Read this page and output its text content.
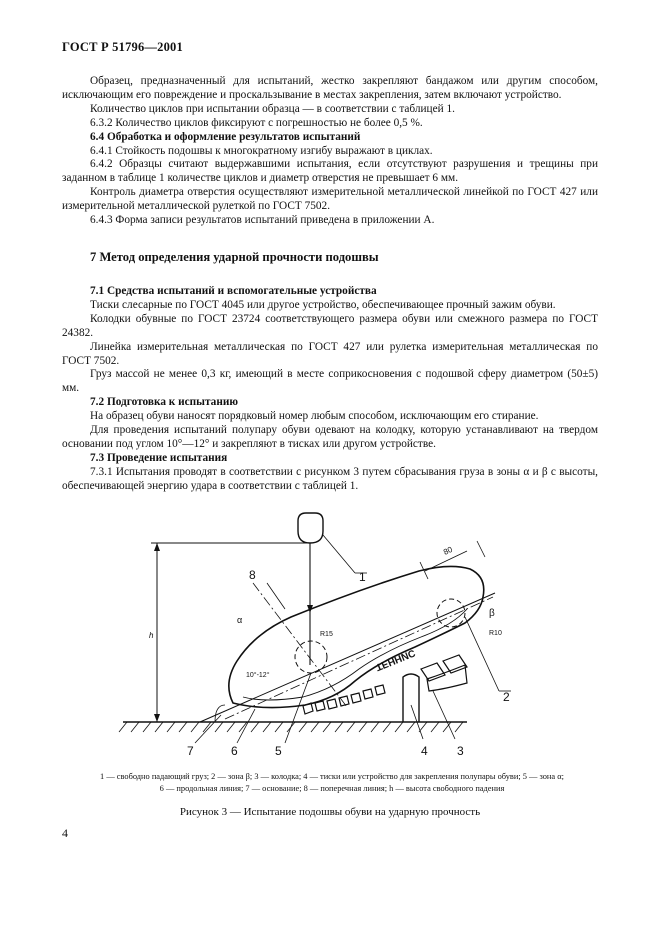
ГОСТ Р 51796—2001

Образец, предназначенный для испытаний, жестко закрепляют бандажом или другим способом, исключающим его повреждение и проскальзывание в местах закрепления, затем включают устройство.

Количество циклов при испытании образца — в соответствии с таблицей 1.

6.3.2 Количество циклов фиксируют с погрешностью не более 0,5 %.

6.4 Обработка и оформление результатов испытаний

6.4.1 Стойкость подошвы к многократному изгибу выражают в циклах.

6.4.2 Образцы считают выдержавшими испытания, если отсутствуют разрушения и трещины при заданном в таблице 1 количестве циклов и диаметр отверстия не превышает 6 мм.

Контроль диаметра отверстия осуществляют измерительной металлической линейкой по ГОСТ 427 или измерительной металлической рулеткой по ГОСТ 7502.

6.4.3 Форма записи результатов испытаний приведена в приложении А.

7 Метод определения ударной прочности подошвы

7.1 Средства испытаний и вспомогательные устройства

Тиски слесарные по ГОСТ 4045 или другое устройство, обеспечивающее прочный зажим обуви.

Колодки обувные по ГОСТ 23724 соответствующего размера обуви или смежного размера по ГОСТ 24382.

Линейка измерительная металлическая по ГОСТ 427 или рулетка измерительная металлическая по ГОСТ 7502.

Груз массой не менее 0,3 кг, имеющий в месте соприкосновения с подошвой сферу диаметром (50±5) мм.

7.2 Подготовка к испытанию

На образец обуви наносят порядковый номер любым способом, исключающим его стирание.

Для проведения испытаний полупару обуви одевают на колодку, которую устанавливают на твердом основании под углом 10°—12° и закрепляют в тисках или другом устройстве.

7.3 Проведение испытания

7.3.1 Испытания проводят в соответствии с рисунком 3 путем сбрасывания груза в зоны α и β с высоты, обеспечивающей энергию удара в соответствии с таблицей 1.

h
α
β
R15	R10
10°-12°
80
ТЕННИС
1
2
3
4
5
6
7
8
1 — свободно падающий груз; 2 — зона β; 3 — колодка; 4 — тиски или устройство для закрепления полупары обуви; 5 — зона α;
6 — продольная линия; 7 — основание; 8 — поперечная линия; h — высота свободного падения
Рисунок 3 — Испытание подошвы обуви на ударную прочность
4
